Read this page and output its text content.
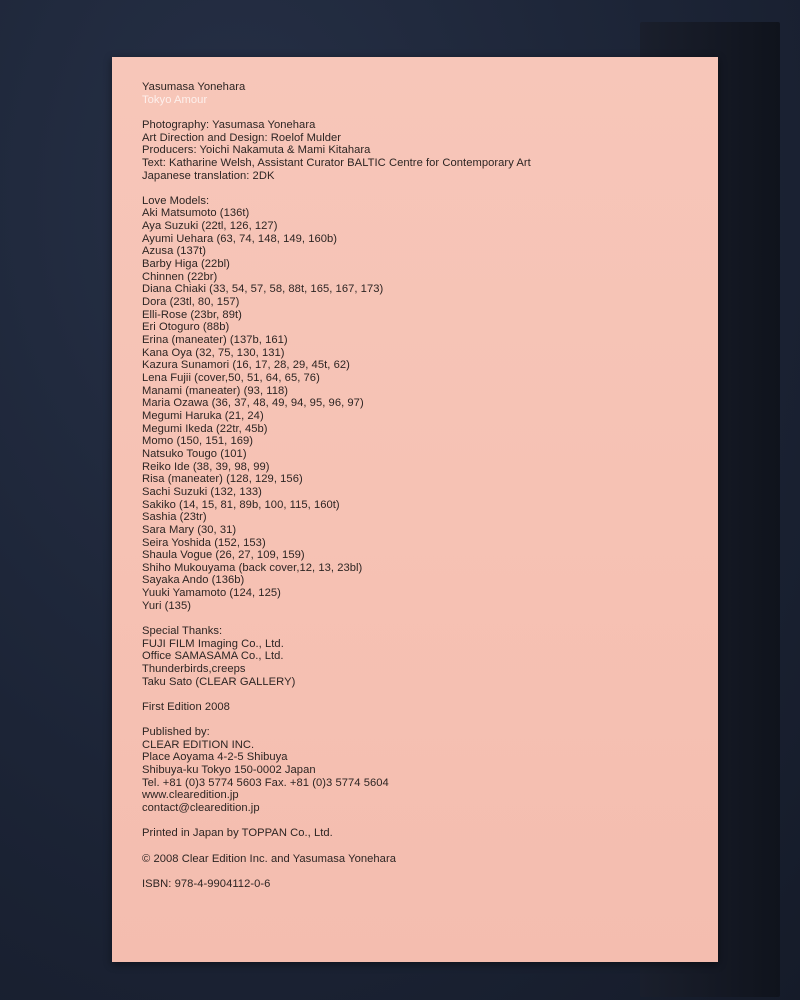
Yasumasa Yonehara
Tokyo Amour
Photography: Yasumasa Yonehara
Art Direction and Design: Roelof Mulder
Producers: Yoichi Nakamuta & Mami Kitahara
Text: Katharine Welsh, Assistant Curator BALTIC Centre for Contemporary Art
Japanese translation: 2DK
Love Models:
Aki Matsumoto (136t)
Aya Suzuki (22tl, 126, 127)
Ayumi Uehara (63, 74, 148, 149, 160b)
Azusa (137t)
Barby Higa (22bl)
Chinnen (22br)
Diana Chiaki (33, 54, 57, 58, 88t, 165, 167, 173)
Dora (23tl, 80, 157)
Elli-Rose (23br, 89t)
Eri Otoguro (88b)
Erina (maneater) (137b, 161)
Kana Oya (32, 75, 130, 131)
Kazura Sunamori (16, 17, 28, 29, 45t, 62)
Lena Fujii (cover,50, 51, 64, 65, 76)
Manami (maneater) (93, 118)
Maria Ozawa (36, 37, 48, 49, 94, 95, 96, 97)
Megumi Haruka (21, 24)
Megumi Ikeda (22tr, 45b)
Momo (150, 151, 169)
Natsuko Tougo (101)
Reiko Ide (38, 39, 98, 99)
Risa (maneater) (128, 129, 156)
Sachi Suzuki (132, 133)
Sakiko (14, 15, 81, 89b, 100, 115, 160t)
Sashia (23tr)
Sara Mary (30, 31)
Seira Yoshida (152, 153)
Shaula Vogue (26, 27, 109, 159)
Shiho Mukouyama (back cover,12, 13, 23bl)
Sayaka Ando (136b)
Yuuki Yamamoto (124, 125)
Yuri (135)
Special Thanks:
FUJI FILM Imaging Co., Ltd.
Office SAMASAMA Co., Ltd.
Thunderbirds,creeps
Taku Sato (CLEAR GALLERY)
First Edition 2008
Published by:
CLEAR EDITION INC.
Place Aoyama 4-2-5 Shibuya
Shibuya-ku Tokyo 150-0002 Japan
Tel. +81 (0)3 5774 5603 Fax. +81 (0)3 5774 5604
www.clearedition.jp
contact@clearedition.jp
Printed in Japan by TOPPAN Co., Ltd.
© 2008 Clear Edition Inc. and Yasumasa Yonehara
ISBN: 978-4-9904112-0-6
